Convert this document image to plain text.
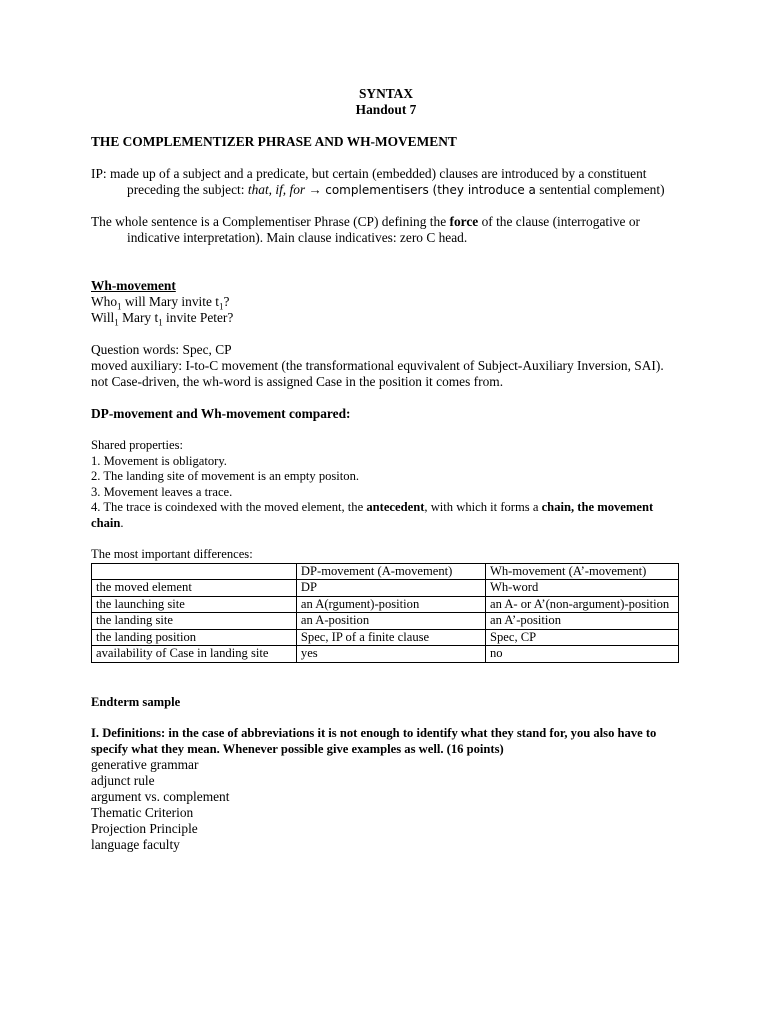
SYNTAX

Handout 7

THE COMPLEMENTIZER PHRASE AND WH-MOVEMENT

IP: made up of a subject and a predicate, but certain (embedded) clauses are introduced by a constituent preceding the subject: that, if, for → complementisers (they introduce a sentential complement)

The whole sentence is a Complementiser Phrase (CP) defining the force of the clause (interrogative or indicative interpretation). Main clause indicatives: zero C head.

Wh-movement

Who$_1$ will Mary invite $t_1$?

Will$_1$ Mary $t_1$ invite Peter?

Question words: Spec, CP

moved auxiliary: I-to-C movement (the transformational equvivalent of Subject-Auxiliary Inversion, SAI). not Case-driven, the wh-word is assigned Case in the position it comes from.

DP-movement and Wh-movement compared:

Shared properties:

1. Movement is obligatory.

2. The landing site of movement is an empty positon.

3. Movement leaves a trace.

4. The trace is coindexed with the moved element, the antecedent, with which it forms a chain, the movement chain.

The most important differences:

	DP-movement (A-movement)	Wh-movement (A’-movement)
the moved element	DP	Wh-word
the launching site	an A(rgument)-position	an A- or A’(non-argument)-position
the landing site	an A-position	an A’-position
the landing position	Spec, IP of a finite clause	Spec, CP
availability of Case in landing site	yes	no

Endterm sample

I. Definitions: in the case of abbreviations it is not enough to identify what they stand for, you also have to specify what they mean. Whenever possible give examples as well. (16 points)

generative grammar

adjunct rule

argument vs. complement

Thematic Criterion

Projection Principle

language faculty
